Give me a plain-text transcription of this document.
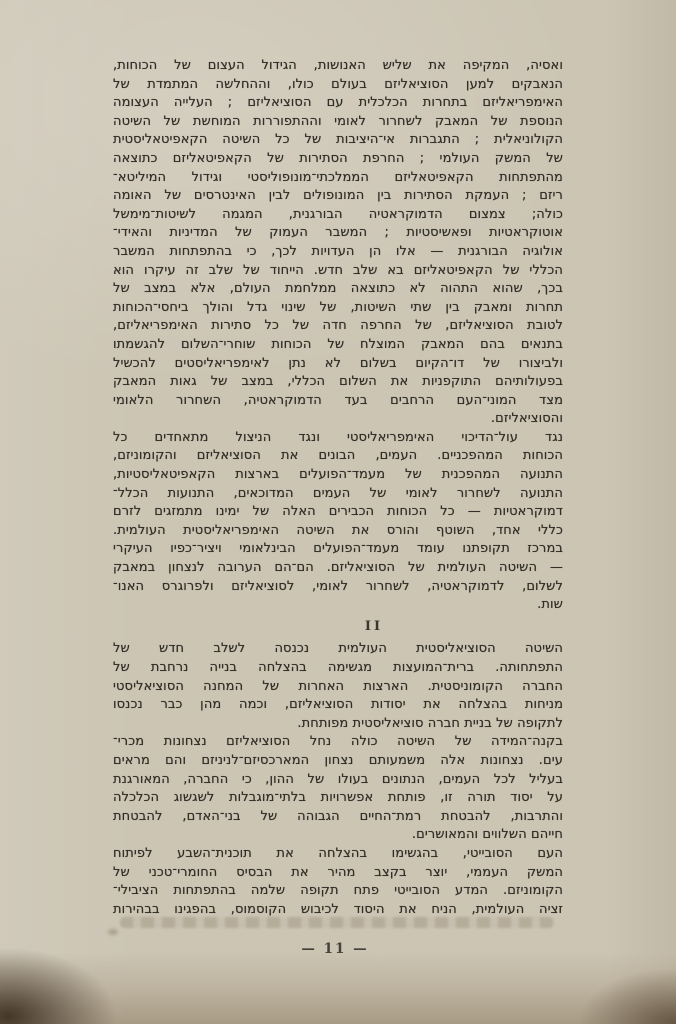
ואסיה, המקיפה את שליש האנושות, הגידול העצום של הכוחות,

הנאבקים למען הסוציאליזם בעולם כולו, וההחלשה המתמדת של

האימפריאליזם בתחרות הכלכלית עם הסוציאליזם ; העלייה העצומה

הנוספת של המאבק לשחרור לאומי וההתפוררות המוחשת של השיטה

הקולוניאלית ; התגברות אי־היציבות של כל השיטה הקאפיטאליסטית

של המשק העולמי ; החרפת הסתירות של הקאפיטאליזם כתוצאה

מהתפתחות הקאפיטאליזם הממלכתי־מונופוליסטי וגידול המיליטא־

ריזם ; העמקת הסתירות בין המונופולים לבין האינטרסים של האומה

כולה; צמצום הדמוקראטיה הבורגנית, המגמה לשיטות־מימשל

אוטוקראטיות ופאשיסטיות ; המשבר העמוק של המדיניות והאידי־

אולוגיה הבורגנית — אלו הן העדויות לכך, כי בהתפתחות המשבר

הכללי של הקאפיטאליזם בא שלב חדש. הייחוד של שלב זה עיקרו הוא

בכך, שהוא התהוה לא כתוצאה ממלחמת העולם, אלא במצב של

תחרות ומאבק בין שתי השיטות, של שינוי גדל והולך ביחסי־הכוחות

לטובת הסוציאליזם, של החרפה חדה של כל סתירות האימפריאליזם,

בתנאים בהם המאבק המוצלח של הכוחות שוחרי־השלום להגשמתו

ולביצורו של דו־הקיום בשלום לא נתן לאימפריאליסטים להכשיל

בפעולותיהם התוקפניות את השלום הכללי, במצב של גאות המאבק

מצד המוני־העם הרחבים בעד הדמוקראטיה, השחרור הלאומי

והסוציאליזם.

נגד עול־הדיכוי האימפריאליסטי ונגד הניצול מתאחדים כל

הכוחות המהפכניים. העמים, הבונים את הסוציאליזם והקומוניזם,

התנועה המהפכנית של מעמד־הפועלים בארצות הקאפיטאליסטיות,

התנועה לשחרור לאומי של העמים המדוכאים, התנועות הכלל־

דמוקראטיות — כל הכוחות הכבירים האלה של ימינו מתמזגים לזרם

כללי אחד, השוטף והורס את השיטה האימפריאליסטית העולמית.

במרכז תקופתנו עומד מעמד־הפועלים הבינלאומי ויציר־כפיו העיקרי

— השיטה העולמית של הסוציאליזם. הם־הם הערובה לנצחון במאבק

לשלום, לדמוקראטיה, לשחרור לאומי, לסוציאליזם ולפרוגרס האנו־

שות.

II

השיטה הסוציאליסטית העולמית נכנסה לשלב חדש של

התפתחותה. ברית־המועצות מגשימה בהצלחה בנייה נרחבת של

החברה הקומוניסטית. הארצות האחרות של המחנה הסוציאליסטי

מניחות בהצלחה את יסודות הסוציאליזם, וכמה מהן כבר נכנסו

לתקופה של בניית חברה סוציאליסטית מפותחת.

בקנה־המידה של השיטה כולה נחל הסוציאליזם נצחונות מכרי־

עים. נצחונות אלה משמעותם נצחון המארכסיזם־לניניזם והם מראים

בעליל לכל העמים, הנתונים בעולו של ההון, כי החברה, המאורגנת

על יסוד תורה זו, פותחת אפשרויות בלתי־מוגבלות לשגשוג הכלכלה

והתרבות, להבטחת רמת־החיים הגבוהה של בני־האדם, להבטחת

חייהם השלווים והמאושרים.

העם הסובייטי, בהגשימו בהצלחה את תוכנית־השבע לפיתוח

המשק העממי, יוצר בקצב מהיר את הבסיס החומרי־טכני של

הקומוניזם. המדע הסובייטי פתח תקופה שלמה בהתפתחות הציבילי־

זציה העולמית, הניח את היסוד לכיבוש הקוסמוס, בהפגינו בבהירות

— 11 —
